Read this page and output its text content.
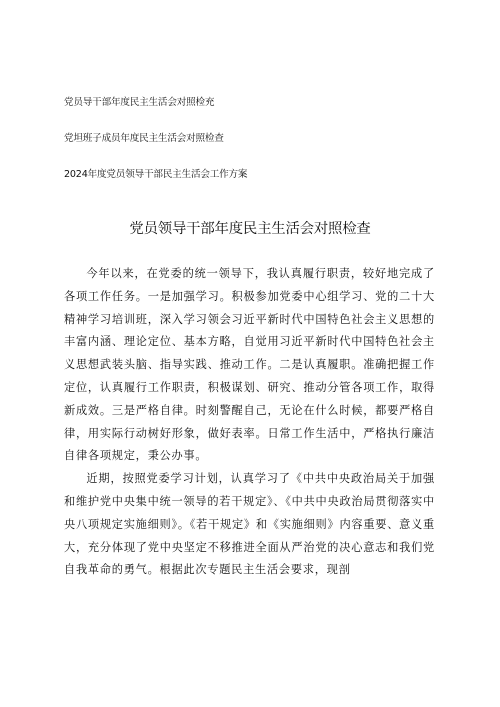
党员导干部年度民主生活会对照检充
党坦班子成员年度民主生活会对照检查
2024年度党员领导干部民主生活会工作方案
党员领导干部年度民主生活会对照检查

今年以来，在党委的统一领导下，我认真履行职责，较好地完成了各项工作任务。一是加强学习。积极参加党委中心组学习、党的二十大精神学习培训班，深入学习领会习近平新时代中国特色社会主义思想的丰富内涵、理论定位、基本方略，自觉用习近平新时代中国特色社会主义思想武装头脑、指导实践、推动工作。二是认真履职。准确把握工作定位，认真履行工作职责，积极谋划、研究、推动分管各项工作，取得新成效。三是严格自律。时刻警醒自己，无论在什么时候，都要严格自律，用实际行动树好形象，做好表率。日常工作生活中，严格执行廉洁自律各项规定，秉公办事。

近期，按照党委学习计划，认真学习了《中共中央政治局关于加强和维护党中央集中统一领导的若干规定》、《中共中央政治局贯彻落实中央八项规定实施细则》。《若干规定》和《实施细则》内容重要、意义重大，充分体现了党中央坚定不移推进全面从严治党的决心意志和我们党自我革命的勇气。根据此次专题民主生活会要求，现剖
